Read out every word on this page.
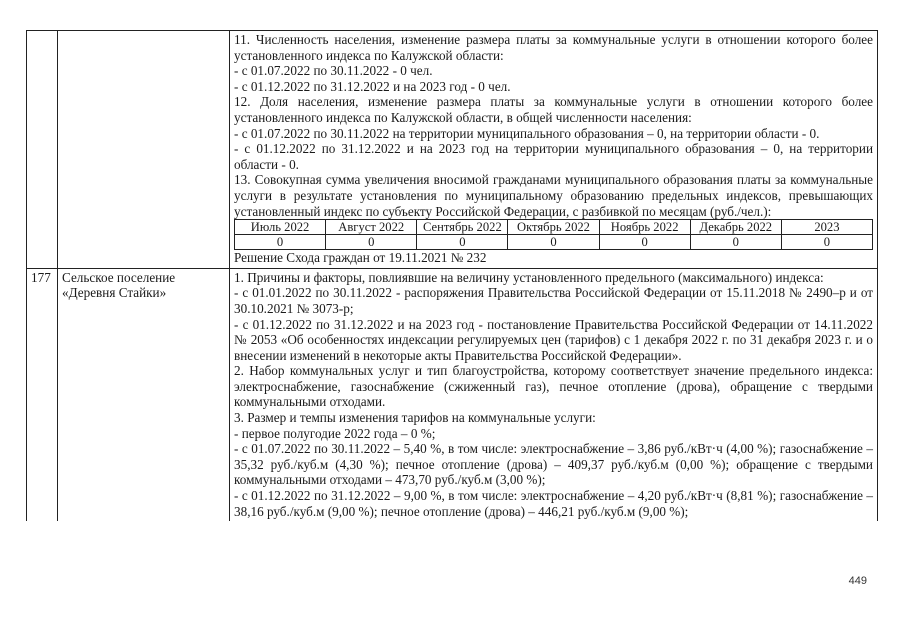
11. Численность населения, изменение размера платы за коммунальные услуги в отношении которого более установленного индекса по Калужской области:

- с 01.07.2022 по 30.11.2022 - 0 чел.

- с 01.12.2022 по 31.12.2022 и на 2023 год - 0 чел.

12. Доля населения, изменение размера платы за коммунальные услуги в отношении которого более установленного индекса по Калужской области, в общей численности населения:

- с 01.07.2022 по 30.11.2022 на территории муниципального образования – 0, на территории области - 0.

- с 01.12.2022 по 31.12.2022 и на 2023 год на территории муниципального образования – 0, на территории области - 0.

13. Совокупная сумма увеличения вносимой гражданами муниципального образования платы за коммунальные услуги в результате установления по муниципальному образованию предельных индексов, превышающих установленный индекс по субъекту Российской Федерации, с разбивкой по месяцам (руб./чел.):

Июль 2022	Август 2022	Сентябрь 2022	Октябрь 2022	Ноябрь 2022	Декабрь 2022	2023
0	0	0	0	0	0	0

Решение Схода граждан от 19.11.2021 № 232

177	Сельское поселение «Деревня Стайки»	

1. Причины и факторы, повлиявшие на величину установленного предельного (максимального) индекса:

- с 01.01.2022 по 30.11.2022 - распоряжения Правительства Российской Федерации от 15.11.2018 № 2490–р и от 30.10.2021 № 3073-р;

- с 01.12.2022 по 31.12.2022 и на 2023 год - постановление Правительства Российской Федерации от 14.11.2022 № 2053 «Об особенностях индексации регулируемых цен (тарифов) с 1 декабря 2022 г. по 31 декабря 2023 г. и о внесении изменений в некоторые акты Правительства Российской Федерации».

2. Набор коммунальных услуг и тип благоустройства, которому соответствует значение предельного индекса: электроснабжение, газоснабжение (сжиженный газ), печное отопление (дрова), обращение с твердыми коммунальными отходами.

3. Размер и темпы изменения тарифов на коммунальные услуги:

- первое полугодие 2022 года – 0 %;

- с 01.07.2022 по 30.11.2022 – 5,40 %, в том числе: электроснабжение – 3,86 руб./кВт·ч (4,00 %); газоснабжение – 35,32 руб./куб.м (4,30 %); печное отопление (дрова) – 409,37 руб./куб.м (0,00 %); обращение с твердыми коммунальными отходами – 473,70 руб./куб.м (3,00 %);

- с 01.12.2022 по 31.12.2022 – 9,00 %, в том числе: электроснабжение – 4,20 руб./кВт·ч (8,81 %); газоснабжение – 38,16 руб./куб.м (9,00 %); печное отопление (дрова) – 446,21 руб./куб.м (9,00 %);

449
